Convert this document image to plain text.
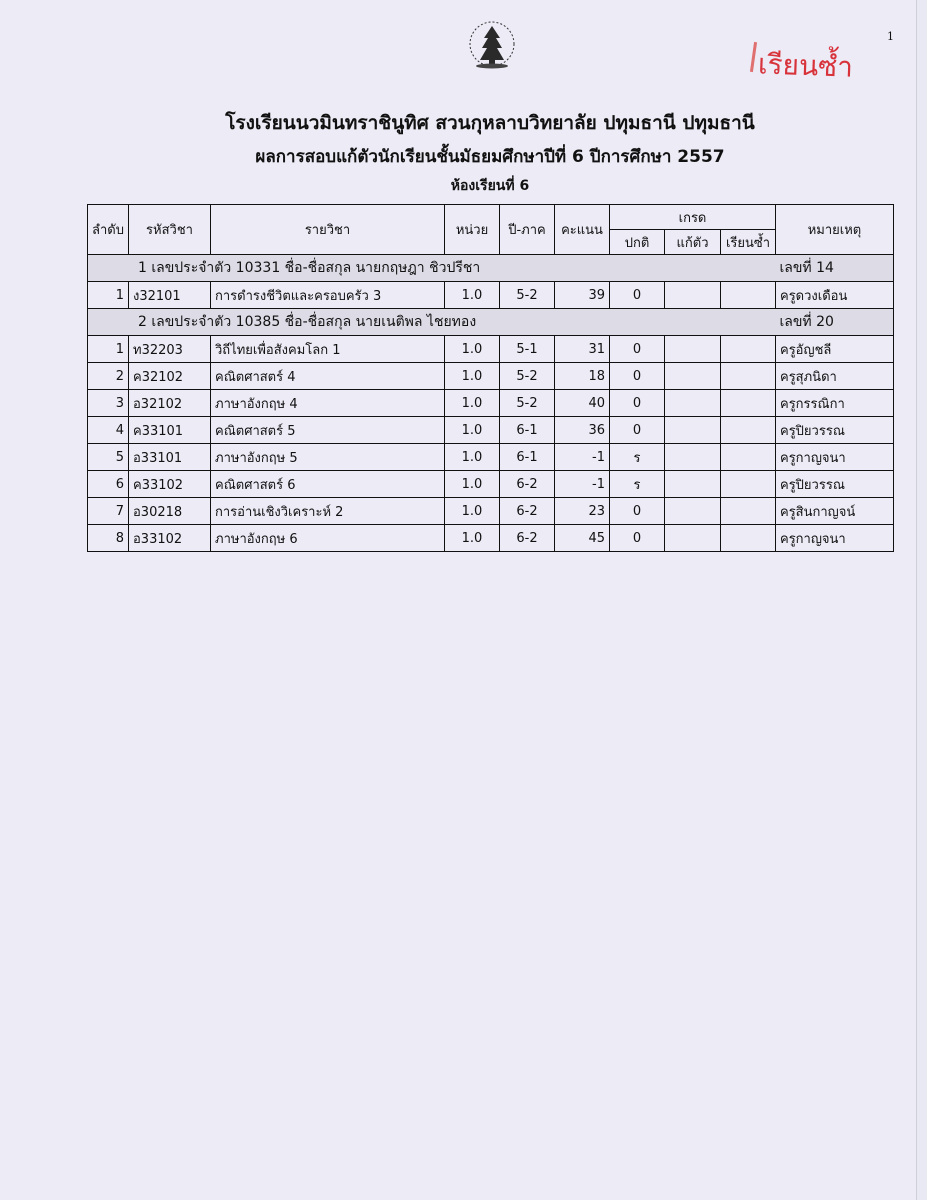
1
เรียนซ้ำ
โรงเรียนนวมินทราชินูทิศ สวนกุหลาบวิทยาลัย ปทุมธานี ปทุมธานี
ผลการสอบแก้ตัวนักเรียนชั้นมัธยมศึกษาปีที่ 6 ปีการศึกษา 2557
ห้องเรียนที่ 6
ลำดับ	รหัสวิชา	รายวิชา	หน่วย	ปี-ภาค	คะแนน	เกรด			หมายเหตุ
						ปกติ	แก้ตัว	เรียนซ้ำ	
1 เลขประจำตัว 10331 ชื่อ-ชื่อสกุล นายกฤษฎา ชิวปรีชา									เลขที่ 14
1	ง32101	การดำรงชีวิตและครอบครัว 3	1.0	5-2	39	0			ครูดวงเดือน
2 เลขประจำตัว 10385 ชื่อ-ชื่อสกุล นายเนติพล ไชยทอง									เลขที่ 20
1	ท32203	วิถีไทยเพื่อสังคมโลก 1	1.0	5-1	31	0			ครูอัญชลี
2	ค32102	คณิตศาสตร์ 4	1.0	5-2	18	0			ครูสุภนิดา
3	อ32102	ภาษาอังกฤษ 4	1.0	5-2	40	0			ครูกรรณิกา
4	ค33101	คณิตศาสตร์ 5	1.0	6-1	36	0			ครูปิยวรรณ
5	อ33101	ภาษาอังกฤษ 5	1.0	6-1	-1	ร			ครูกาญจนา
6	ค33102	คณิตศาสตร์ 6	1.0	6-2	-1	ร			ครูปิยวรรณ
7	อ30218	การอ่านเชิงวิเคราะห์ 2	1.0	6-2	23	0			ครูสินกาญจน์
8	อ33102	ภาษาอังกฤษ 6	1.0	6-2	45	0			ครูกาญจนา
